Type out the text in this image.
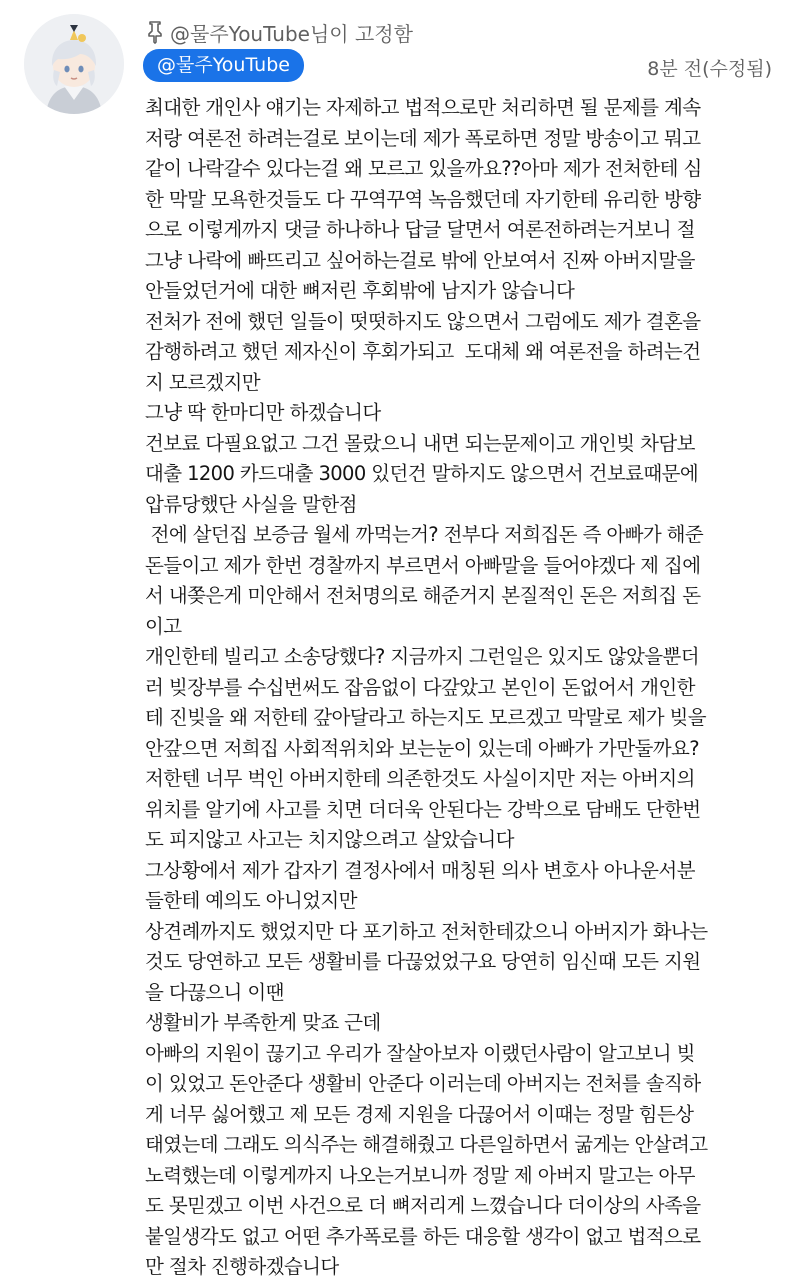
@물주YouTube님이 고정함
@물주YouTube	8분 전(수정됨)
최대한 개인사 얘기는 자제하고 법적으로만 처리하면 될 문제를 계속
저랑 여론전 하려는걸로 보이는데 제가 폭로하면 정말 방송이고 뭐고
같이 나락갈수 있다는걸 왜 모르고 있을까요??아마 제가 전처한테 심
한 막말 모욕한것들도 다 꾸역꾸역 녹음했던데 자기한테 유리한 방향
으로 이렇게까지 댓글 하나하나 답글 달면서 여론전하려는거보니 절
그냥 나락에 빠뜨리고 싶어하는걸로 밖에 안보여서 진짜 아버지말을
안들었던거에 대한 뼈저린 후회밖에 남지가 않습니다
전처가 전에 했던 일들이 떳떳하지도 않으면서 그럼에도 제가 결혼을
감행하려고 했던 제자신이 후회가되고  도대체 왜 여론전을 하려는건
지 모르겠지만
그냥 딱 한마디만 하겠습니다
건보료 다필요없고 그건 몰랐으니 내면 되는문제이고 개인빚 차담보
대출 1200 카드대출 3000 있던건 말하지도 않으면서 건보료때문에
압류당했단 사실을 말한점
전에 살던집 보증금 월세 까먹는거? 전부다 저희집돈 즉 아빠가 해준
돈들이고 제가 한번 경찰까지 부르면서 아빠말을 들어야겠다 제 집에
서 내쫒은게 미안해서 전처명의로 해준거지 본질적인 돈은 저희집 돈
이고
개인한테 빌리고 소송당했다? 지금까지 그런일은 있지도 않았을뿐더
러 빚장부를 수십번써도 잡음없이 다갚았고 본인이 돈없어서 개인한
테 진빚을 왜 저한테 갚아달라고 하는지도 모르겠고 막말로 제가 빚을
안갚으면 저희집 사회적위치와 보는눈이 있는데 아빠가 가만둘까요?
저한텐 너무 벅인 아버지한테 의존한것도 사실이지만 저는 아버지의
위치를 알기에 사고를 치면 더더욱 안된다는 강박으로 담배도 단한번
도 피지않고 사고는 치지않으려고 살았습니다
그상황에서 제가 갑자기 결정사에서 매칭된 의사 변호사 아나운서분
들한테 예의도 아니었지만
상견례까지도 했었지만 다 포기하고 전처한테갔으니 아버지가 화나는
것도 당연하고 모든 생활비를 다끊었었구요 당연히 임신때 모든 지원
을 다끊으니 이땐
생활비가 부족한게 맞죠 근데
아빠의 지원이 끊기고 우리가 잘살아보자 이랬던사람이 알고보니 빚
이 있었고 돈안준다 생활비 안준다 이러는데 아버지는 전처를 솔직하
게 너무 싫어했고 제 모든 경제 지원을 다끊어서 이때는 정말 힘든상
태였는데 그래도 의식주는 해결해줬고 다른일하면서 굶게는 안살려고
노력했는데 이렇게까지 나오는거보니까 정말 제 아버지 말고는 아무
도 못믿겠고 이번 사건으로 더 뼈저리게 느꼈습니다 더이상의 사족을
붙일생각도 없고 어떤 추가폭로를 하든 대응할 생각이 없고 법적으로
만 절차 진행하겠습니다
